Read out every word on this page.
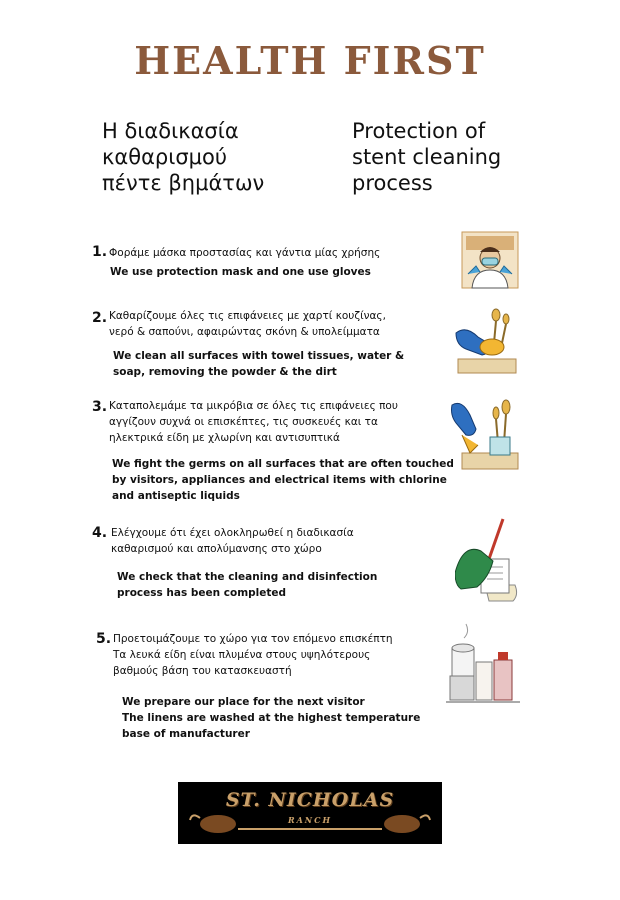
HEALTH FIRST
Η διαδικασία
καθαρισμού
πέντε βημάτων
Protection of
stent cleaning
process
1. Φοράμε μάσκα προστασίας και γάντια μίας χρήσης
We use protection mask and one use gloves
2. Καθαρίζουμε όλες τις επιφάνειες με χαρτί κουζίνας,
νερό & σαπούνι, αφαιρώντας σκόνη & υπολείμματα
We clean all surfaces with towel tissues, water &
soap, removing the powder & the dirt
3. Καταπολεμάμε τα μικρόβια σε όλες τις επιφάνειες που
αγγίζουν συχνά οι επισκέπτες, τις συσκευές και τα
ηλεκτρικά είδη με χλωρίνη και αντισυπτικά
We fight the germs on all surfaces that are often touched
by visitors, appliances and electrical items with chlorine
and antiseptic liquids
4. Ελέγχουμε ότι έχει ολοκληρωθεί η διαδικασία
καθαρισμού και απολύμανσης στο χώρο
We check that the cleaning and disinfection
process has been completed
5. Προετοιμάζουμε το χώρο για τον επόμενο επισκέπτη
Τα λευκά είδη είναι πλυμένα στους υψηλότερους
βαθμούς βάση του κατασκευαστή
We prepare our place for the next visitor
The linens are washed at the highest temperature
base of manufacturer
ST. NICHOLAS
RANCH
